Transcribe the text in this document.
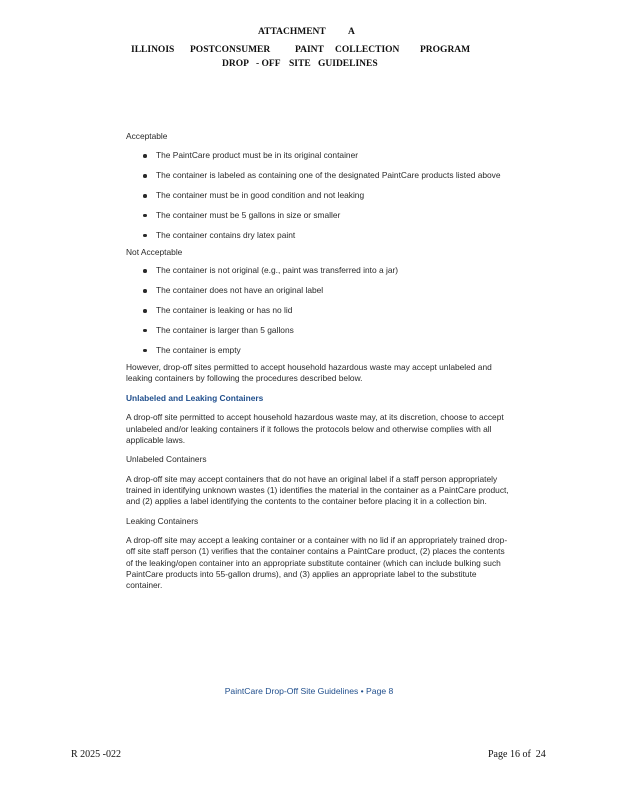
ATTACHMENT A
ILLINOIS POSTCONSUMER	PAINT COLLECTION PROGRAM
DROP - OFF SITE GUIDELINES

Acceptable

The PaintCare product must be in its original container
The container is labeled as containing one of the designated PaintCare products listed above
The container must be in good condition and not leaking
The container must be 5 gallons in size or smaller
The container contains dry latex paint

Not Acceptable

The container is not original (e.g., paint was transferred into a jar)
The container does not have an original label
The container is leaking or has no lid
The container is larger than 5 gallons
The container is empty

However, drop-off sites permitted to accept household hazardous waste may accept unlabeled and leaking containers by following the procedures described below.

Unlabeled and Leaking Containers

A drop-off site permitted to accept household hazardous waste may, at its discretion, choose to accept unlabeled and/or leaking containers if it follows the protocols below and otherwise complies with all applicable laws.

Unlabeled Containers

A drop-off site may accept containers that do not have an original label if a staff person appropriately trained in identifying unknown wastes (1) identifies the material in the container as a PaintCare product, and (2) applies a label identifying the contents to the container before placing it in a collection bin.

Leaking Containers

A drop-off site may accept a leaking container or a container with no lid if an appropriately trained drop-off site staff person (1) verifies that the container contains a PaintCare product, (2) places the contents of the leaking/open container into an appropriate substitute container (which can include bulking such PaintCare products into 55-gallon drums), and (3) applies an appropriate label to the substitute container.

PaintCare Drop-Off Site Guidelines • Page 8
R 2025 -022	Page 16 of 24
